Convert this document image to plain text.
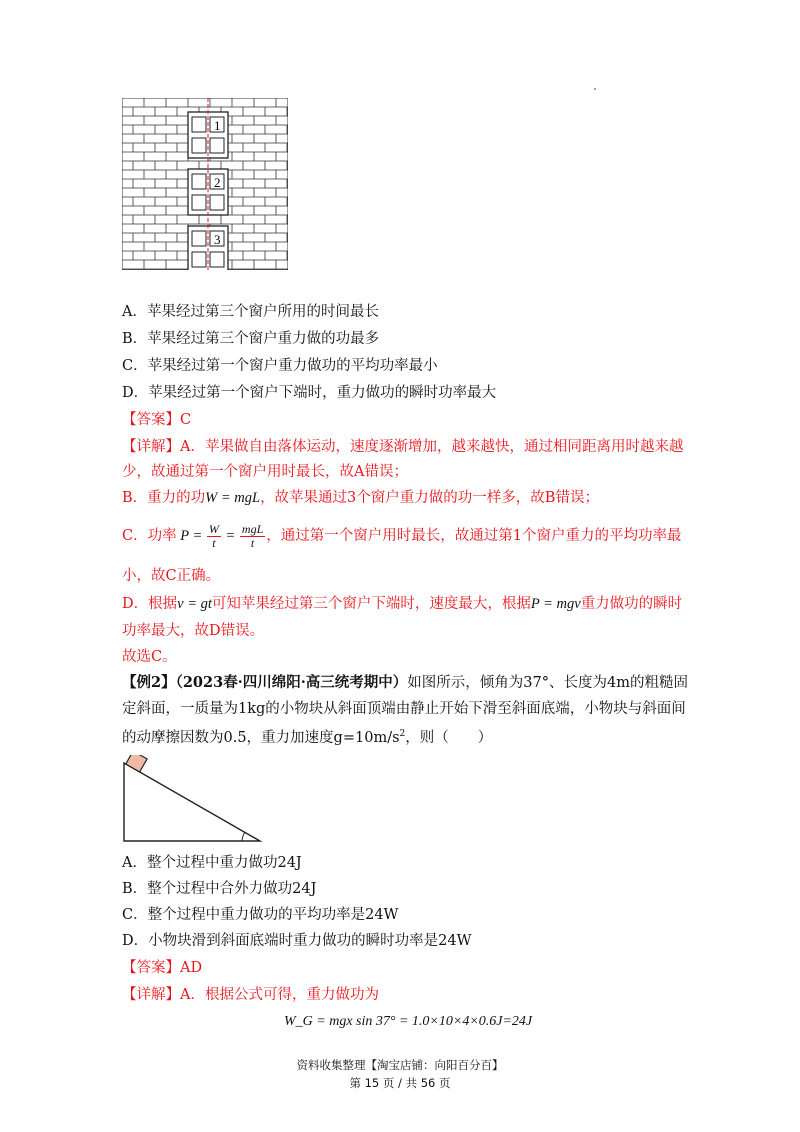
1
2
3
A．苹果经过第三个窗户所用的时间最长
B．苹果经过第三个窗户重力做的功最多
C．苹果经过第一个窗户重力做功的平均功率最小
D．苹果经过第一个窗户下端时，重力做功的瞬时功率最大
【答案】C
【详解】A．苹果做自由落体运动，速度逐渐增加，越来越快，通过相同距离用时越来越
少，故通过第一个窗户用时最长，故A错误；
B．重力的功W = mgL，故苹果通过3个窗户重力做的功一样多，故B错误；
C．功率 $P = \frac{W}{t} = \frac{\text{mgL}}{t}$ ，通过第一个窗户用时最长，故通过第1个窗户重力的平均功率最
小，故C正确。
D．根据v = gt可知苹果经过第三个窗户下端时，速度最大，根据P = mgv重力做功的瞬时
功率最大，故D错误。
故选C。
【例2】（2023春·四川绵阳·高三统考期中）如图所示，倾角为37°、长度为4m的粗糙固
定斜面，一质量为1kg的小物块从斜面顶端由静止开始下滑至斜面底端，小物块与斜面间
的动摩擦因数为0.5，重力加速度$g=10m/s^2$，则（　　）
A．整个过程中重力做功24J
B．整个过程中合外力做功24J
C．整个过程中重力做功的平均功率是24W
D．小物块滑到斜面底端时重力做功的瞬时功率是24W
【答案】AD
【详解】A．根据公式可得，重力做功为
W_G = mgx sin 37° = 1.0×10×4×0.6J=24J
资料收集整理【淘宝店铺：向阳百分百】
第 15 页 / 共 56 页
